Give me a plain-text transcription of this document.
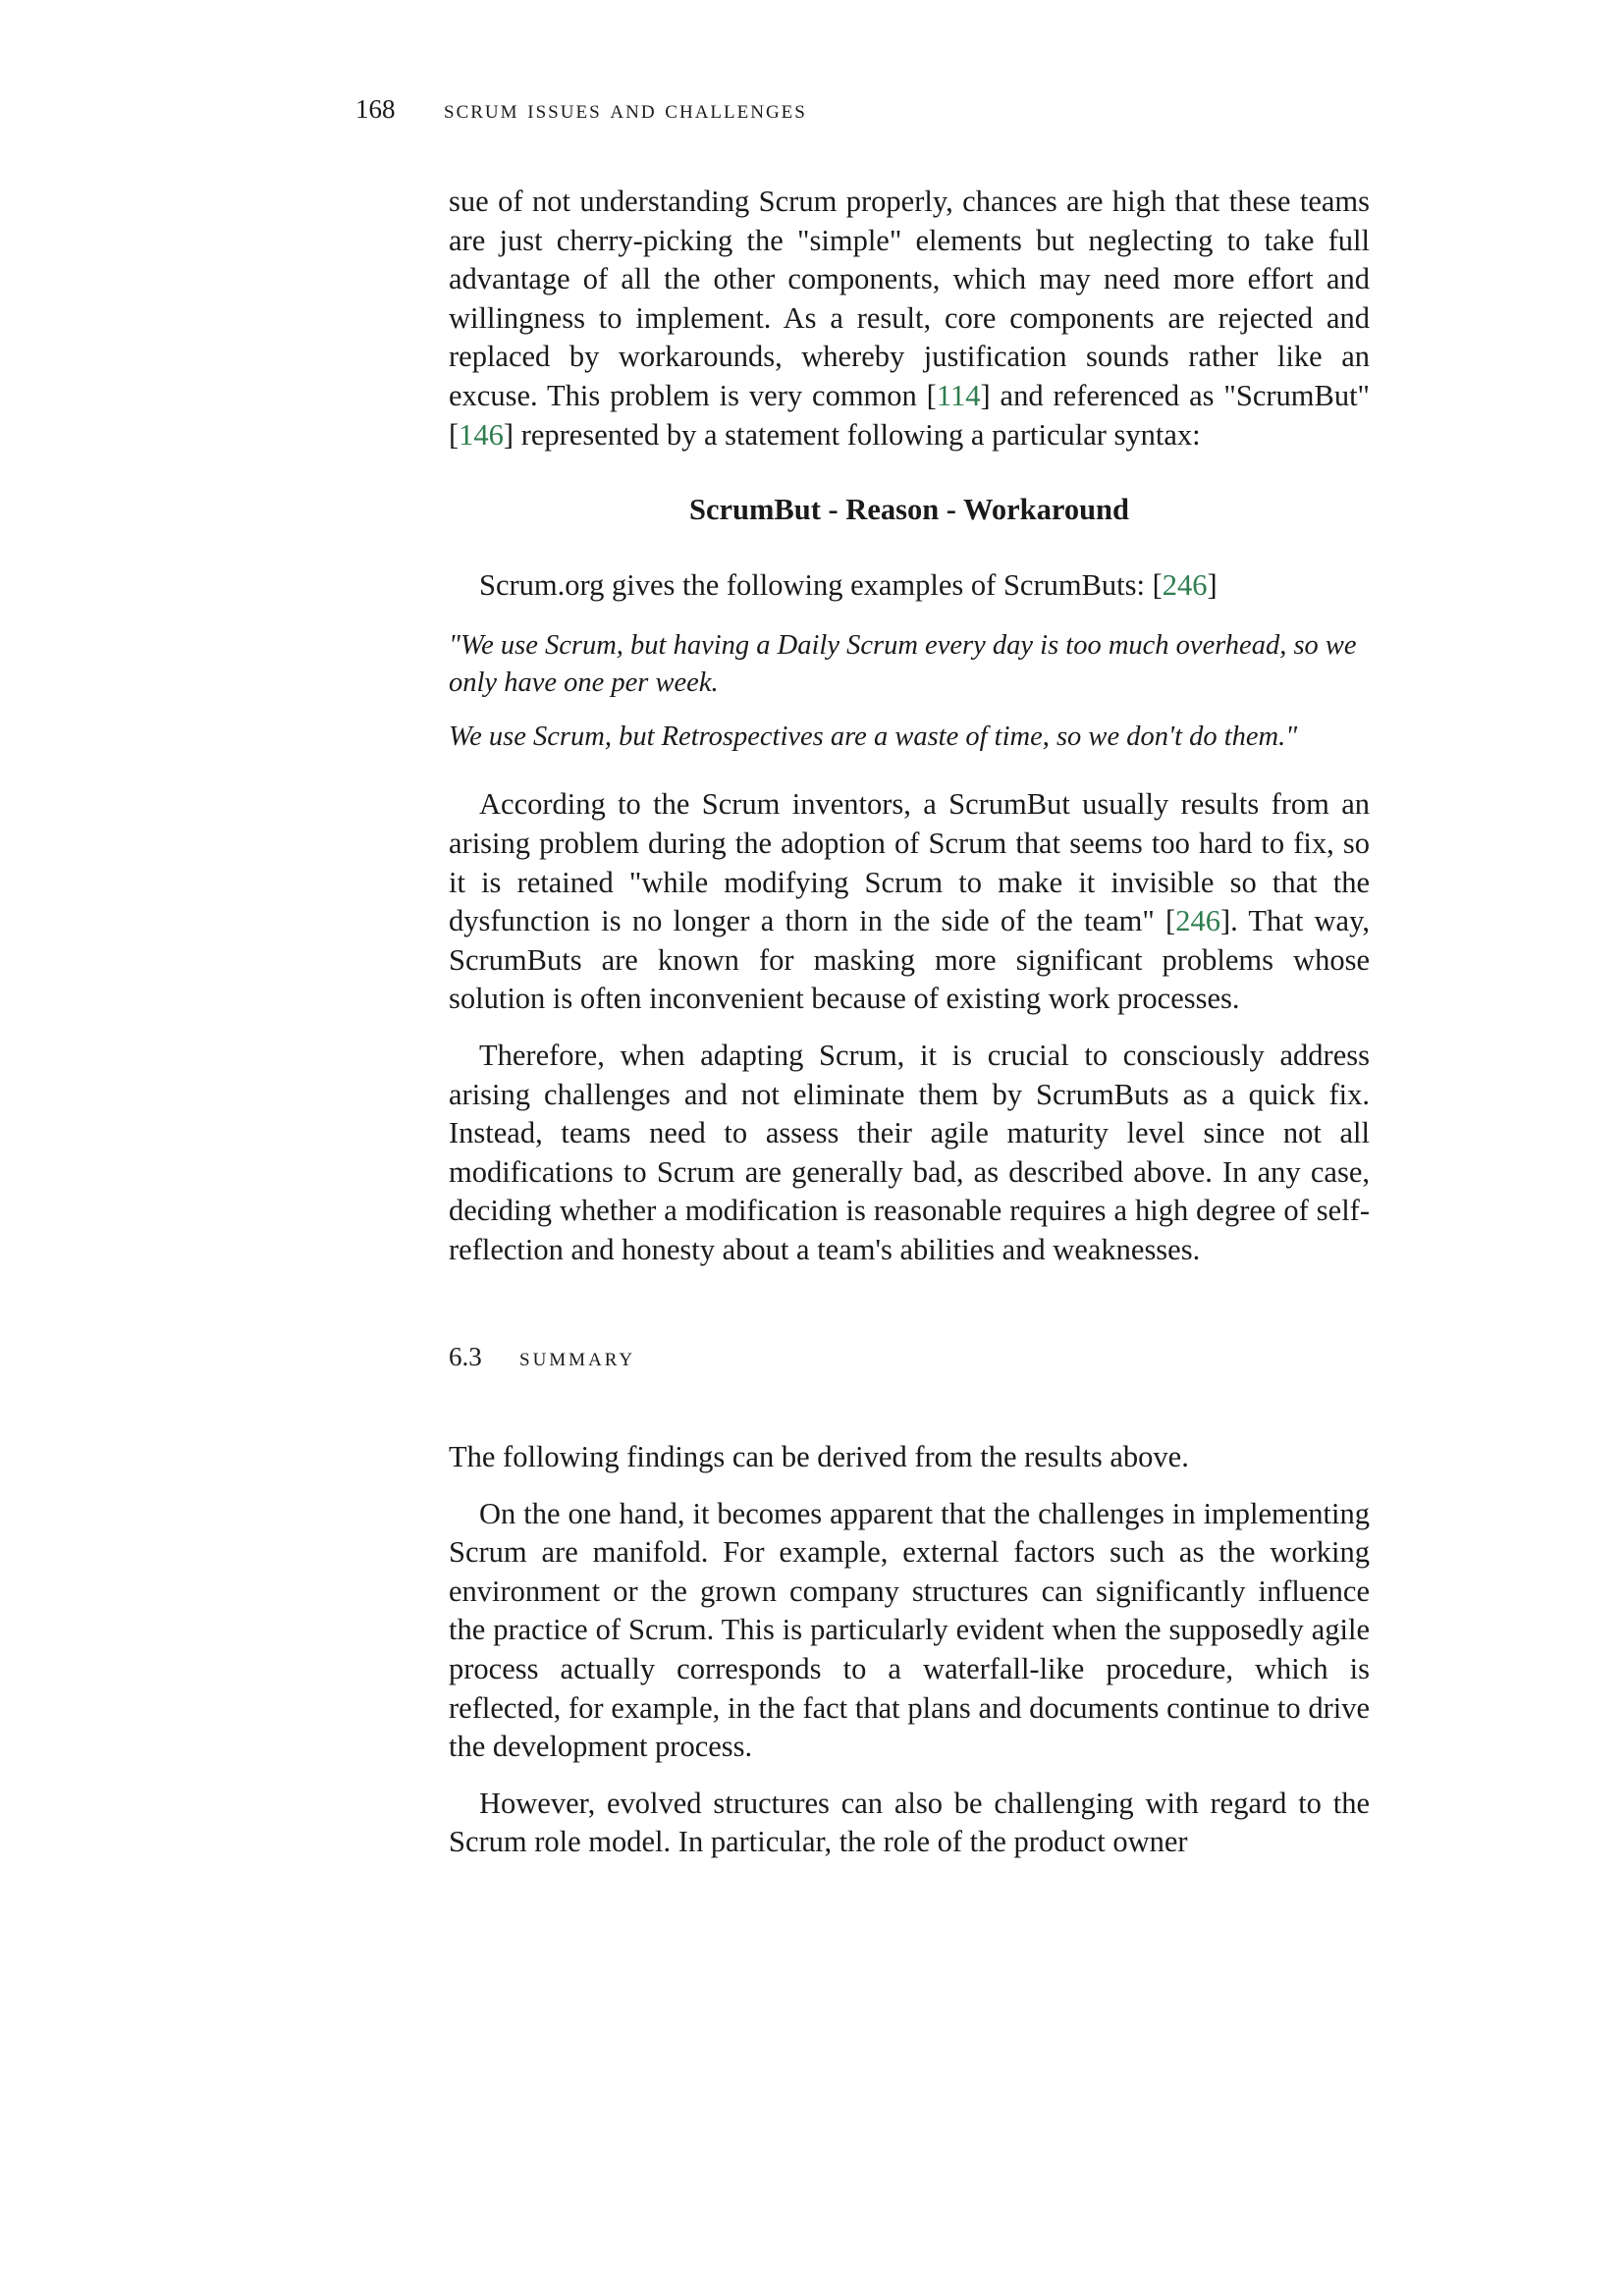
168 scrum issues and challenges

sue of not understanding Scrum properly, chances are high that these teams are just cherry-picking the "simple" elements but neglecting to take full advantage of all the other components, which may need more effort and willingness to implement. As a result, core components are rejected and replaced by workarounds, whereby justification sounds rather like an excuse. This problem is very common [114] and referenced as "ScrumBut" [146] represented by a statement following a particular syntax:

ScrumBut - Reason - Workaround

Scrum.org gives the following examples of ScrumButs: [246]

"We use Scrum, but having a Daily Scrum every day is too much overhead, so we only have one per week.

We use Scrum, but Retrospectives are a waste of time, so we don't do them."

According to the Scrum inventors, a ScrumBut usually results from an arising problem during the adoption of Scrum that seems too hard to fix, so it is retained "while modifying Scrum to make it invisible so that the dysfunction is no longer a thorn in the side of the team" [246]. That way, ScrumButs are known for masking more significant problems whose solution is often inconvenient because of existing work processes.

Therefore, when adapting Scrum, it is crucial to consciously address arising challenges and not eliminate them by ScrumButs as a quick fix. Instead, teams need to assess their agile maturity level since not all modifications to Scrum are generally bad, as described above. In any case, deciding whether a modification is reasonable requires a high degree of self-reflection and honesty about a team's abilities and weaknesses.

6.3 summary

The following findings can be derived from the results above.

On the one hand, it becomes apparent that the challenges in implementing Scrum are manifold. For example, external factors such as the working environment or the grown company structures can significantly influence the practice of Scrum. This is particularly evident when the supposedly agile process actually corresponds to a waterfall-like procedure, which is reflected, for example, in the fact that plans and documents continue to drive the development process.

However, evolved structures can also be challenging with regard to the Scrum role model. In particular, the role of the product owner
